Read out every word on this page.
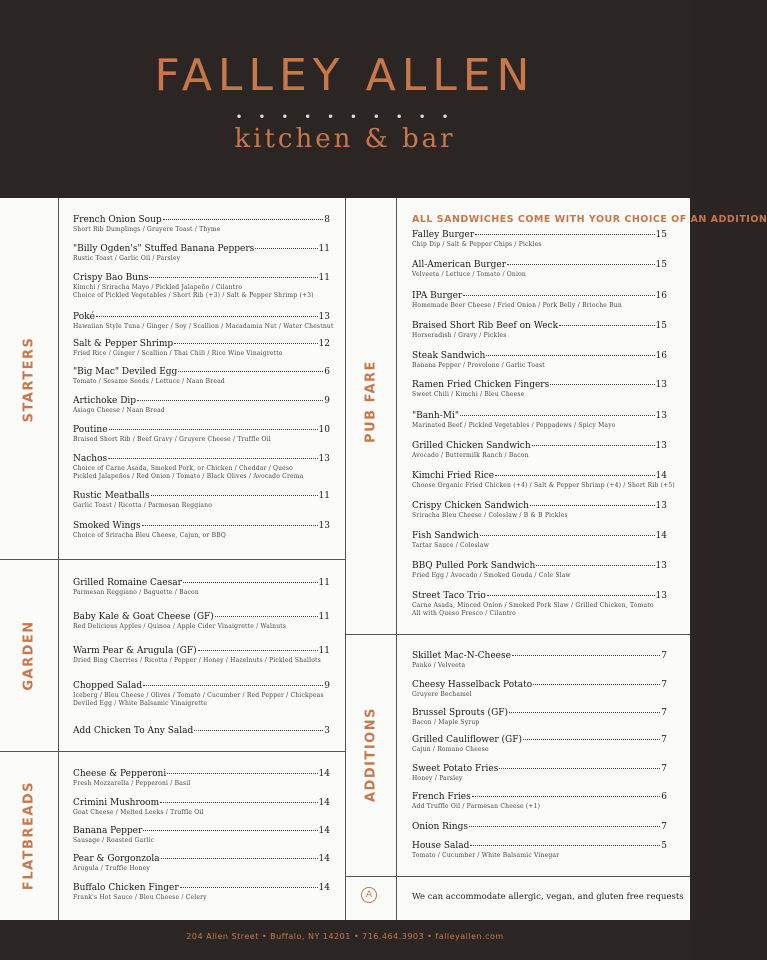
FALLEY ALLEN
• • • • • • • • • •
kitchen & bar
STARTERS
GARDEN
FLATBREADS
PUB FARE
ADDITIONS
ALL SANDWICHES COME WITH YOUR CHOICE OF AN ADDITION
French Onion Soup	8
Short Rib Dumplings / Gruyere Toast / Thyme
"Billy Ogden's" Stuffed Banana Peppers	11
Rustic Toast / Garlic Oil / Parsley
Crispy Bao Buns	11
Kimchi / Sriracha Mayo / Pickled Jalapeño / Cilantro
Choice of Pickled Vegetables / Short Rib (+3) / Salt & Pepper Shrimp (+3)
Poké	13
Hawaiian Style Tuna / Ginger / Soy / Scallion / Macadamia Nut / Water Chestnut
Salt & Pepper Shrimp	12
Fried Rice / Ginger / Scallion / Thai Chili / Rice Wine Vinaigrette
"Big Mac" Deviled Egg	6
Tomato / Sesame Seeds / Lettuce / Naan Bread
Artichoke Dip	9
Asiago Cheese / Naan Bread
Poutine	10
Braised Short Rib / Beef Gravy / Gruyere Cheese / Truffle Oil
Nachos	13
Choice of Carne Asada, Smoked Pork, or Chicken / Cheddar / Queso
Pickled Jalapeños / Red Onion / Tomato / Black Olives / Avocado Crema
Rustic Meatballs	11
Garlic Toast / Ricotta / Parmesan Reggiano
Smoked Wings	13
Choice of Sriracha Bleu Cheese, Cajun, or BBQ
Grilled Romaine Caesar	11
Parmesan Reggiano / Baguette / Bacon
Baby Kale & Goat Cheese (GF)	11
Red Delicious Apples / Quinoa / Apple Cider Vinaigrette / Walnuts
Warm Pear & Arugula (GF)	11
Dried Bing Cherries / Ricotta / Pepper / Honey / Hazelnuts / Pickled Shallots
Chopped Salad	9
Iceberg / Bleu Cheese / Olives / Tomato / Cucumber / Red Pepper / Chickpeas
Deviled Egg / White Balsamic Vinaigrette
Add Chicken To Any Salad	3
Cheese & Pepperoni	14
Fresh Mozzarella / Pepperoni / Basil
Crimini Mushroom	14
Goat Cheese / Melted Leeks / Truffle Oil
Banana Pepper	14
Sausage / Roasted Garlic
Pear & Gorgonzola	14
Arugula / Truffle Honey
Buffalo Chicken Finger	14
Frank's Hot Sauce / Bleu Cheese / Celery
Falley Burger	15
Chip Dip / Salt & Pepper Chips / Pickles
All-American Burger	15
Velveeta / Lettuce / Tomato / Onion
IPA Burger	16
Homemade Beer Cheese / Fried Onion / Pork Belly / Brioche Bun
Braised Short Rib Beef on Weck	15
Horseradish / Gravy / Pickles
Steak Sandwich	16
Banana Pepper / Provolone / Garlic Toast
Ramen Fried Chicken Fingers	13
Sweet Chili / Kimchi / Bleu Cheese
"Banh-Mi"	13
Marinated Beef / Pickled Vegetables / Peppadews / Spicy Mayo
Grilled Chicken Sandwich	13
Avocado / Buttermilk Ranch / Bacon
Kimchi Fried Rice	14
Choose Organic Fried Chicken (+4) / Salt & Pepper Shrimp (+4) / Short Rib (+5)
Crispy Chicken Sandwich	13
Sriracha Bleu Cheese / Coleslaw / B & B Pickles
Fish Sandwich	14
Tartar Sauce / Coleslaw
BBQ Pulled Pork Sandwich	13
Fried Egg / Avocado / Smoked Gouda / Cole Slaw
Street Taco Trio	13
Carne Asada, Minced Onion / Smoked Pork Slaw / Grilled Chicken, Tomato
All with Queso Fresco / Cilantro
Skillet Mac-N-Cheese	7
Panko / Velveeta
Cheesy Hasselback Potato	7
Gruyere Bechamel
Brussel Sprouts (GF)	7
Bacon / Maple Syrup
Grilled Cauliflower (GF)	7
Cajun / Romano Cheese
Sweet Potato Fries	7
Honey / Parsley
French Fries	6
Add Truffle Oil / Parmesan Cheese (+1)
Onion Rings	7
House Salad	5
Tomato / Cucumber / White Balsamic Vinegar
A	We can accommodate allergic, vegan, and gluten free requests
204 Allen Street • Buffalo, NY 14201 • 716.464.3903 • falleyallen.com
